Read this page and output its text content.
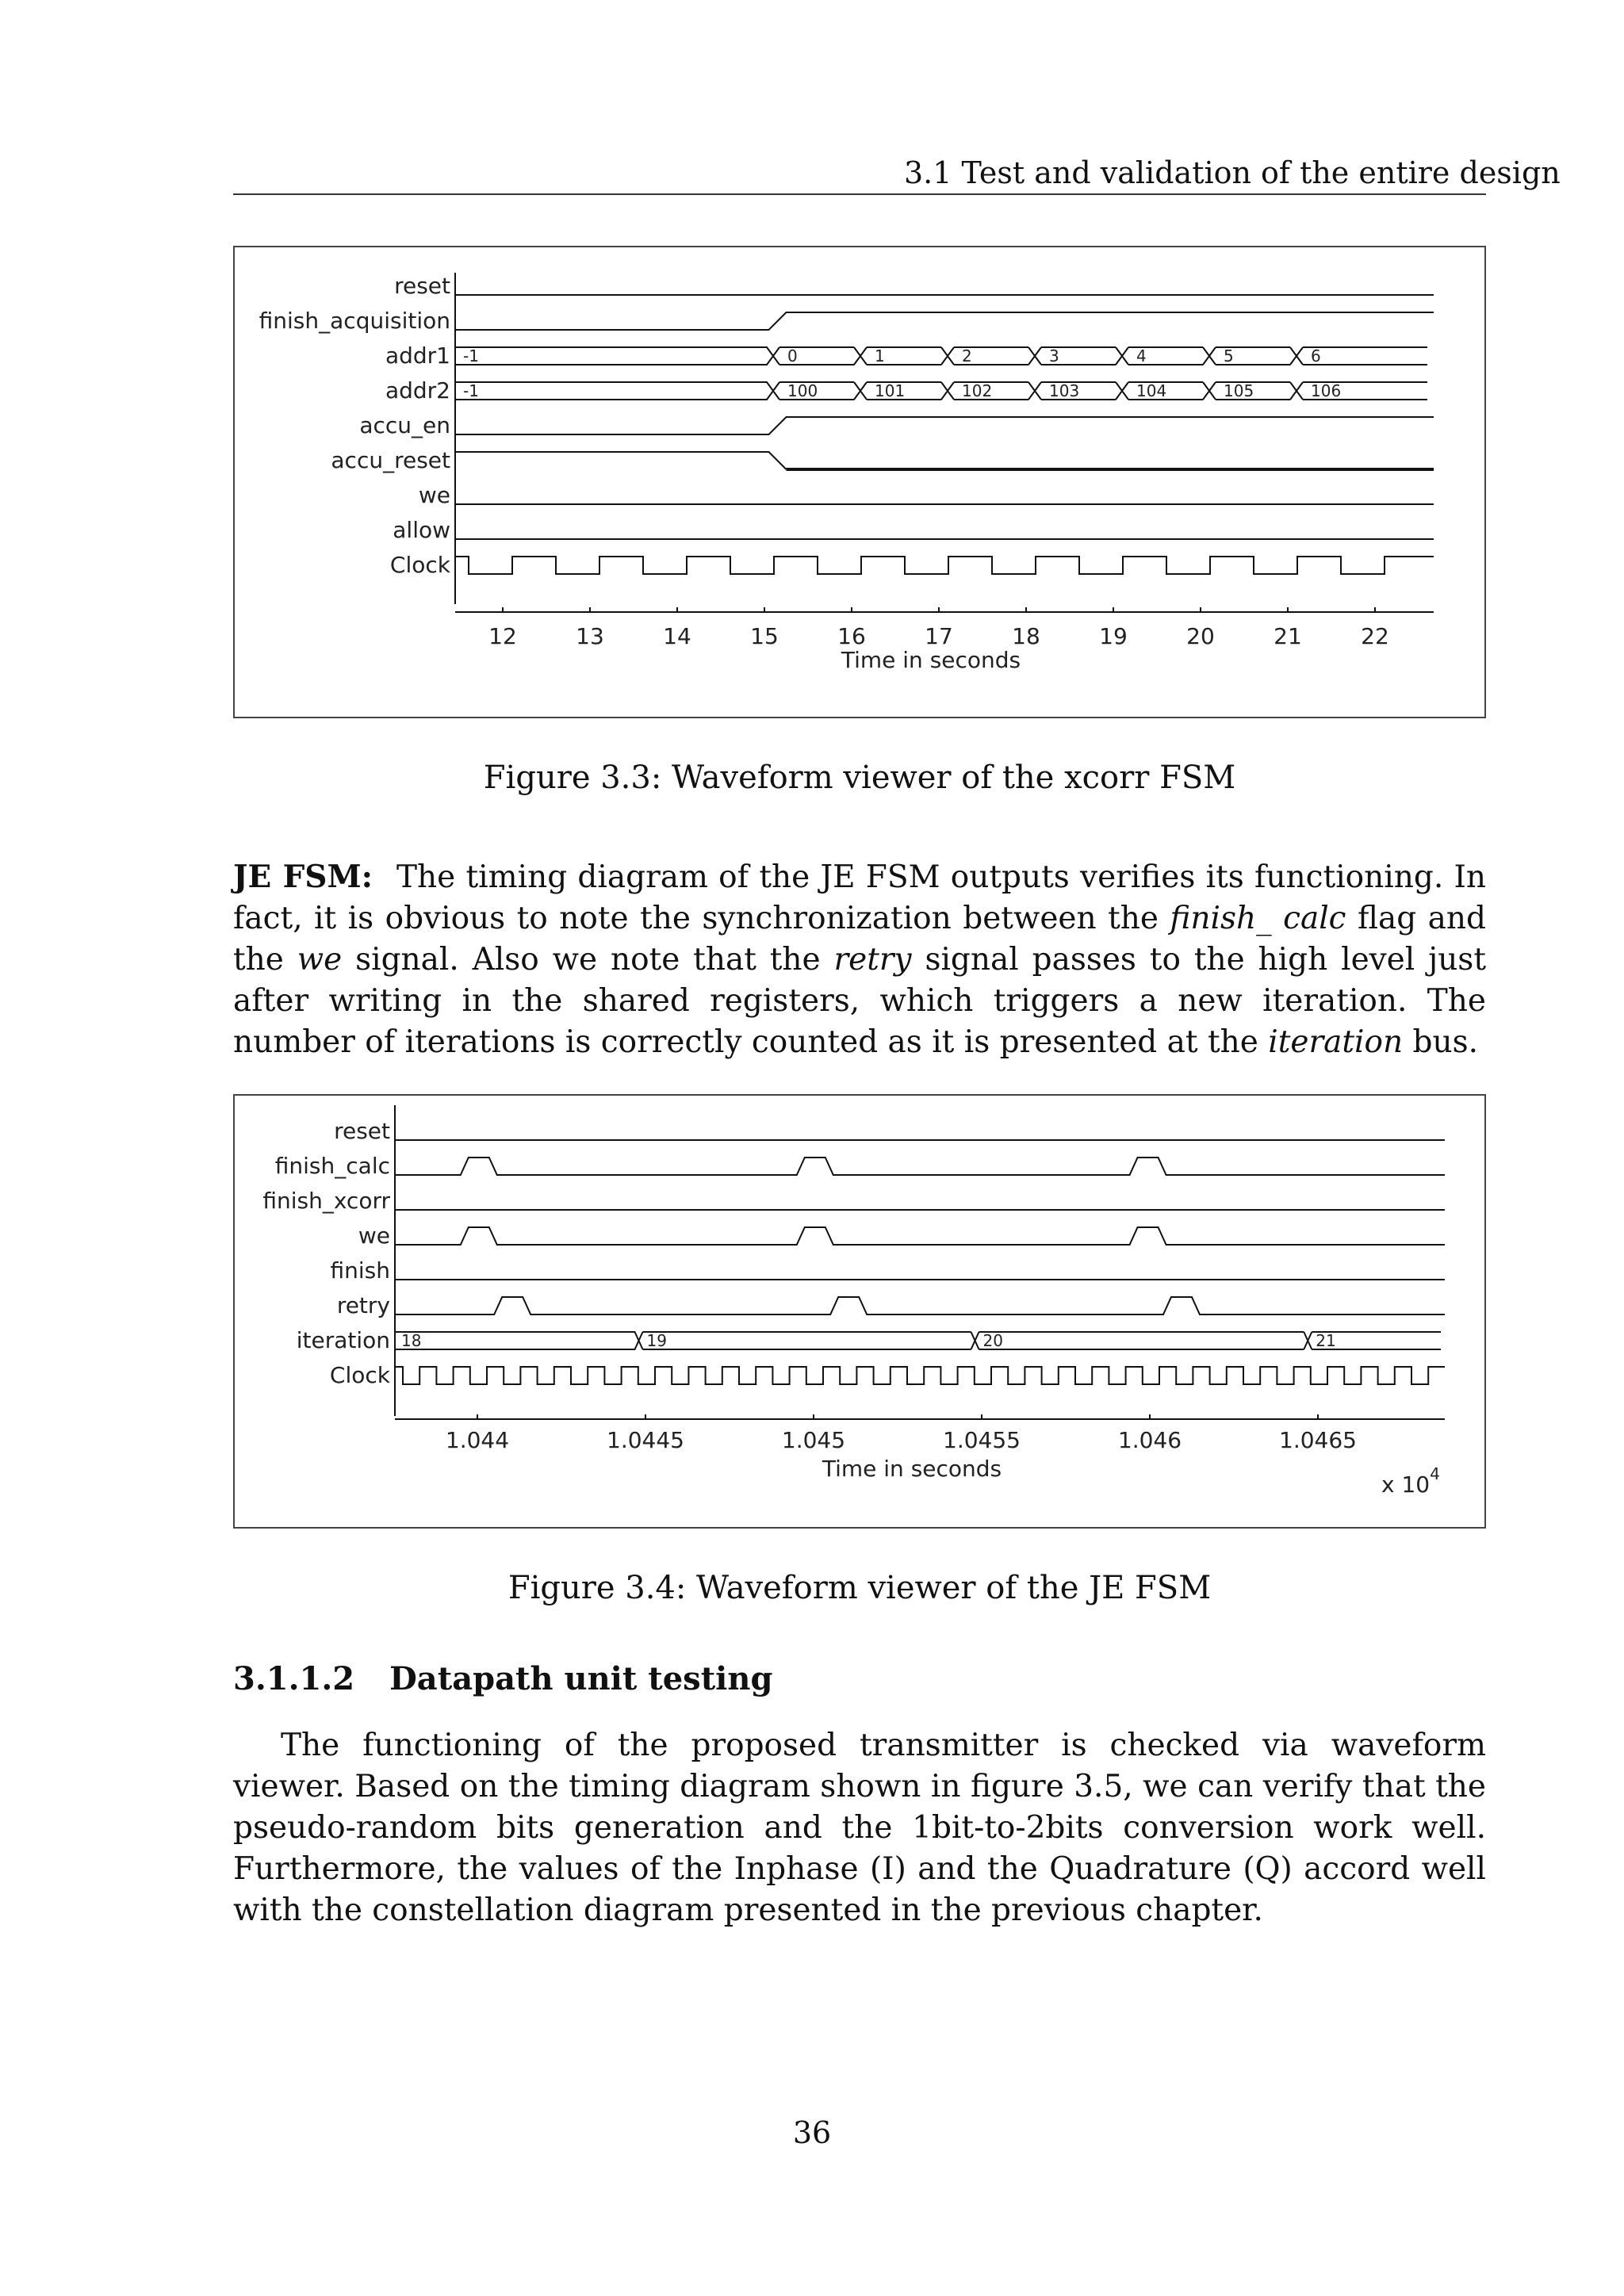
3.1 Test and validation of the entire design
reset
finish_acquisition
addr1
addr2
accu_en
accu_reset
we
allow
Clock
-1	0	1	2	3	4	5	6
-1	100	101	102	103	104	105	106
12	13	14	15	16	17	18	19	20	21	22
Time in seconds
Figure 3.3: Waveform viewer of the xcorr FSM
JE FSM: The timing diagram of the JE FSM outputs verifies its functioning. In fact, it is obvious to note the synchronization between the finish_ calc flag and the we signal. Also we note that the retry signal passes to the high level just after writing in the shared registers, which triggers a new iteration. The number of iterations is correctly counted as it is presented at the iteration bus.
reset
finish_calc
finish_xcorr
we
finish
retry
iteration
Clock
18	19	20	21
1.044	1.0445	1.045	1.0455	1.046	1.0465
Time in seconds
x $10^4$
Figure 3.4: Waveform viewer of the JE FSM
3.1.1.2 Datapath unit testing
The functioning of the proposed transmitter is checked via waveform viewer. Based on the timing diagram shown in figure 3.5, we can verify that the pseudo-random bits generation and the 1bit-to-2bits conversion work well. Furthermore, the values of the Inphase (I) and the Quadrature (Q) accord well with the constellation diagram presented in the previous chapter.
36
